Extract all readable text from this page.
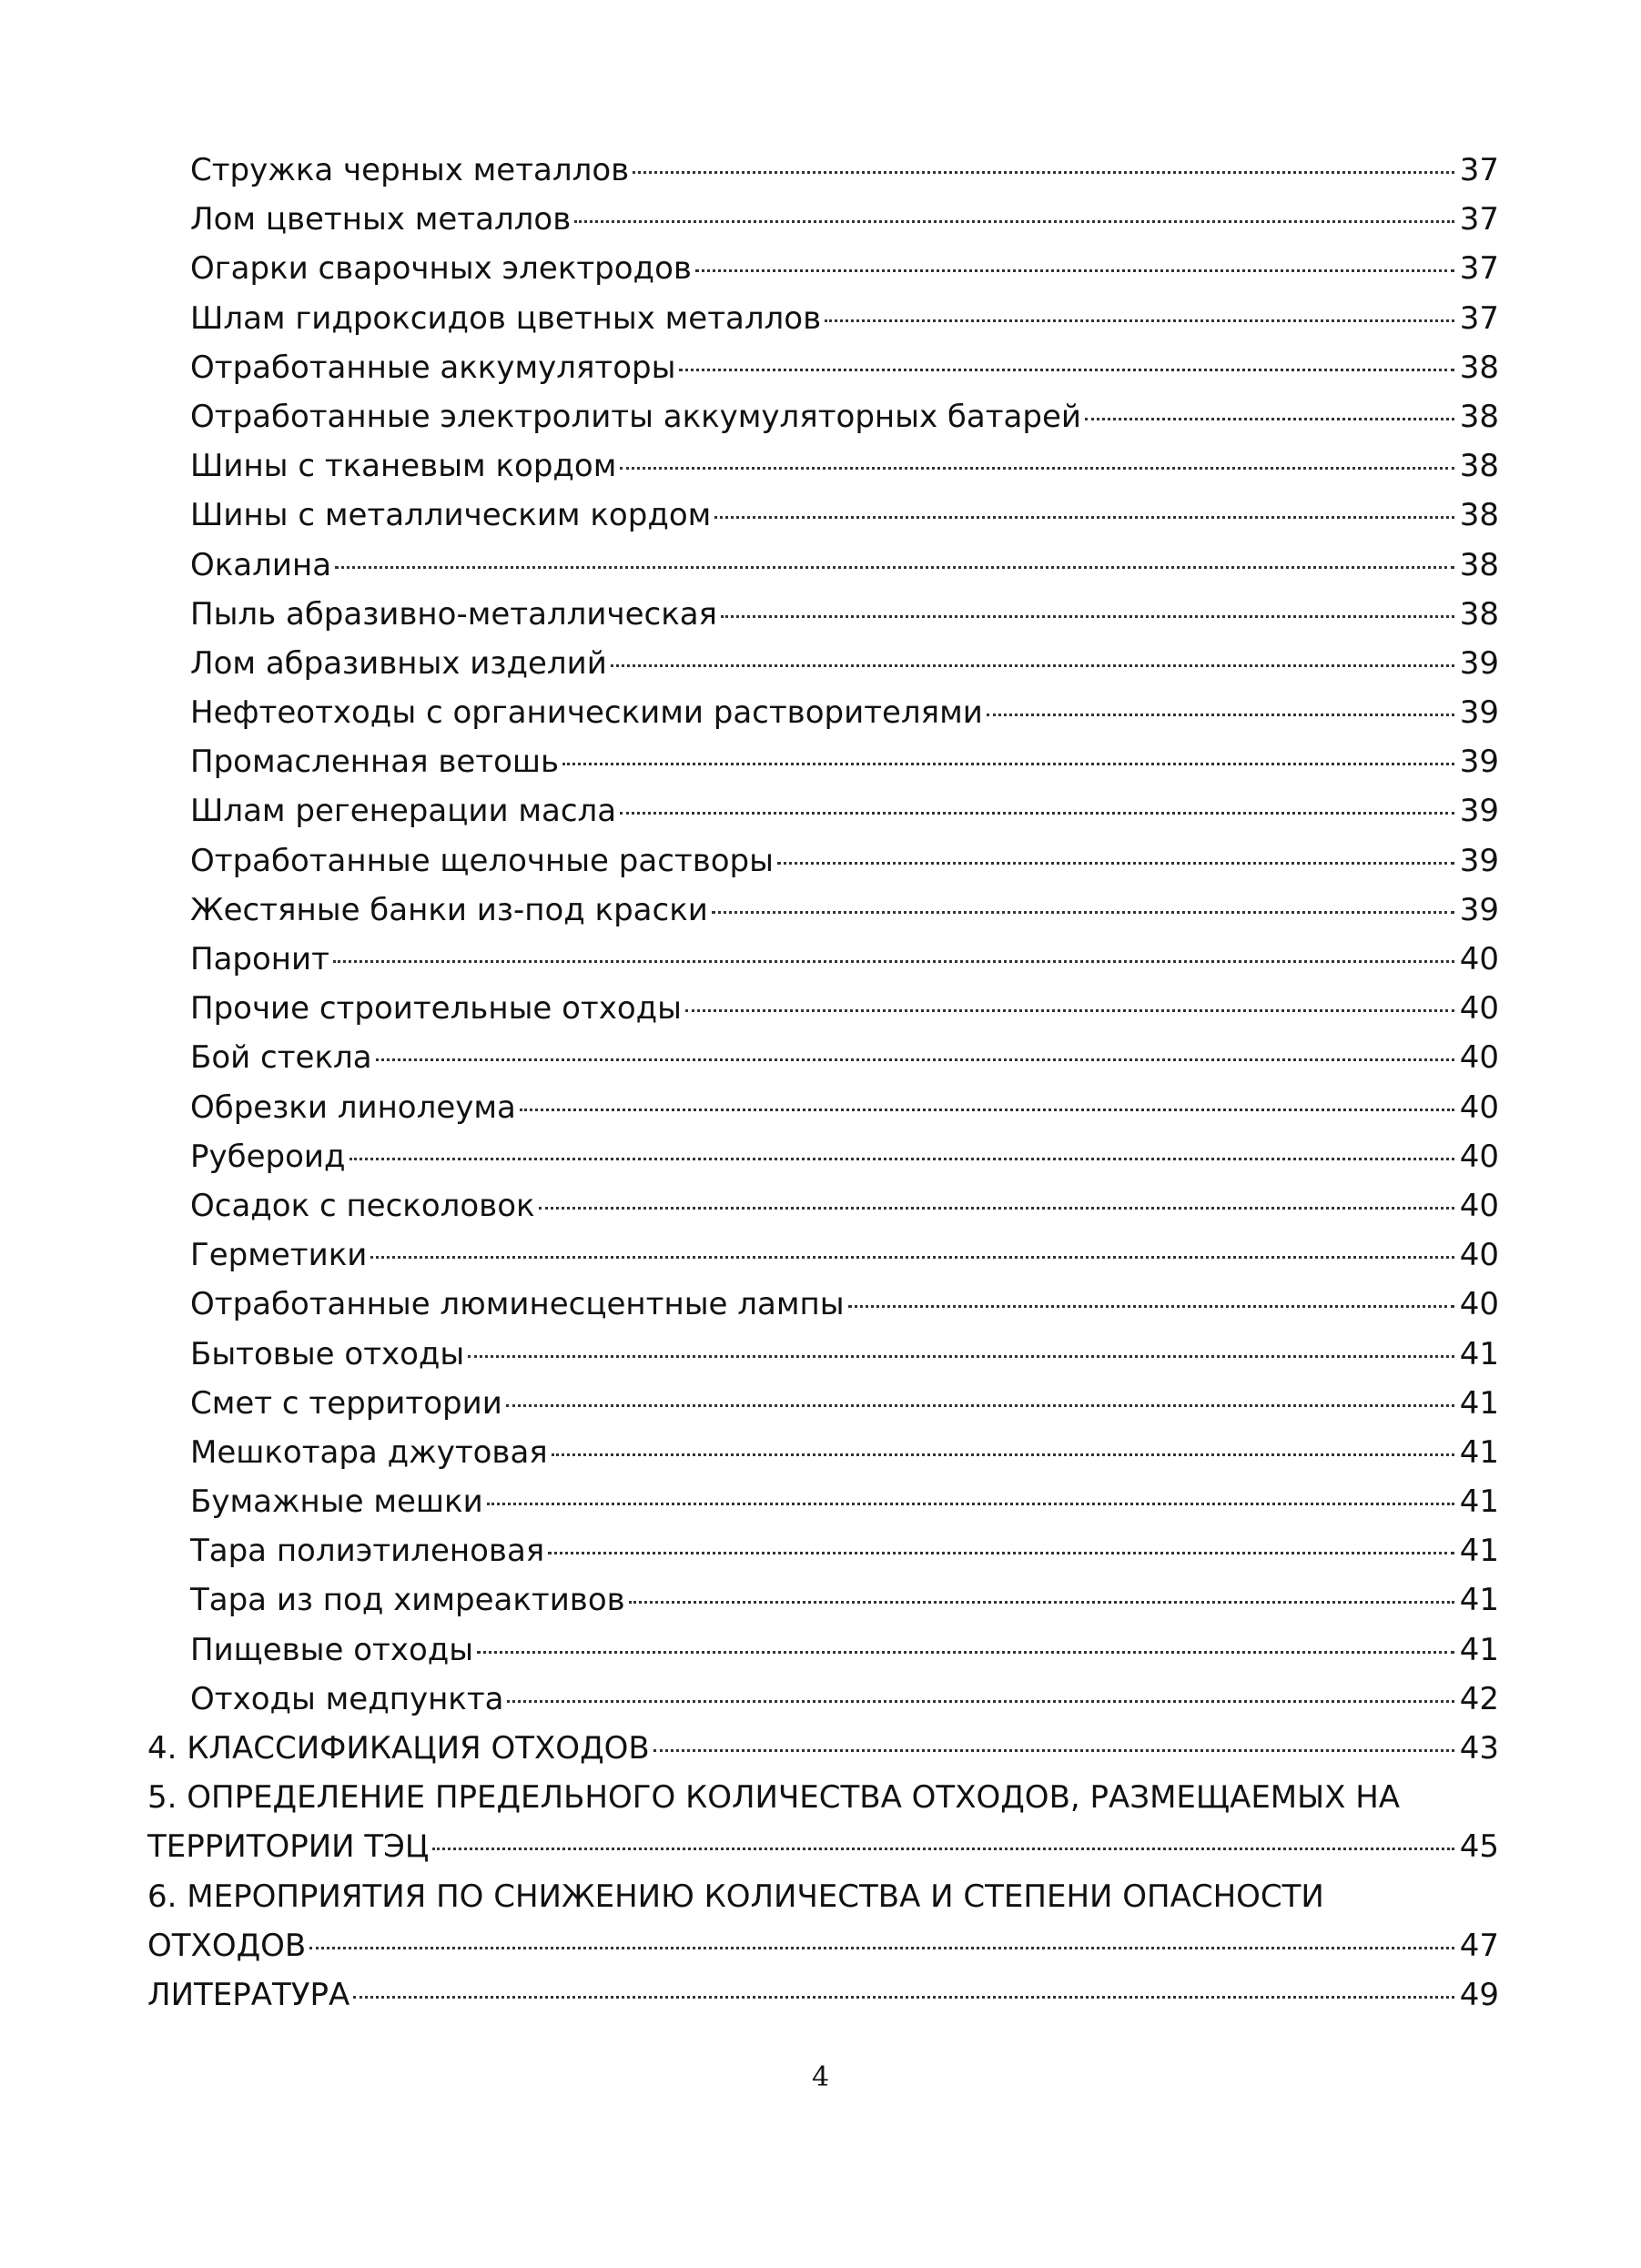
Стружка черных металлов	37
Лом цветных металлов	37
Огарки сварочных электродов	37
Шлам гидроксидов цветных металлов	37
Отработанные аккумуляторы	38
Отработанные электролиты аккумуляторных батарей	38
Шины с тканевым кордом	38
Шины с металлическим кордом	38
Окалина	38
Пыль абразивно-металлическая	38
Лом абразивных изделий	39
Нефтеотходы с органическими растворителями	39
Промасленная ветошь	39
Шлам регенерации масла	39
Отработанные щелочные растворы	39
Жестяные банки из-под краски	39
Паронит	40
Прочие строительные отходы	40
Бой стекла	40
Обрезки линолеума	40
Рубероид	40
Осадок с песколовок	40
Герметики	40
Отработанные люминесцентные лампы	40
Бытовые отходы	41
Смет с территории	41
Мешкотара джутовая	41
Бумажные мешки	41
Тара полиэтиленовая	41
Тара из под химреактивов	41
Пищевые отходы	41
Отходы медпункта	42
4. КЛАССИФИКАЦИЯ ОТХОДОВ	43
5. ОПРЕДЕЛЕНИЕ ПРЕДЕЛЬНОГО КОЛИЧЕСТВА ОТХОДОВ, РАЗМЕЩАЕМЫХ НА
ТЕРРИТОРИИ ТЭЦ	45
6. МЕРОПРИЯТИЯ ПО СНИЖЕНИЮ КОЛИЧЕСТВА И СТЕПЕНИ ОПАСНОСТИ
ОТХОДОВ	47
ЛИТЕРАТУРА	49
4
